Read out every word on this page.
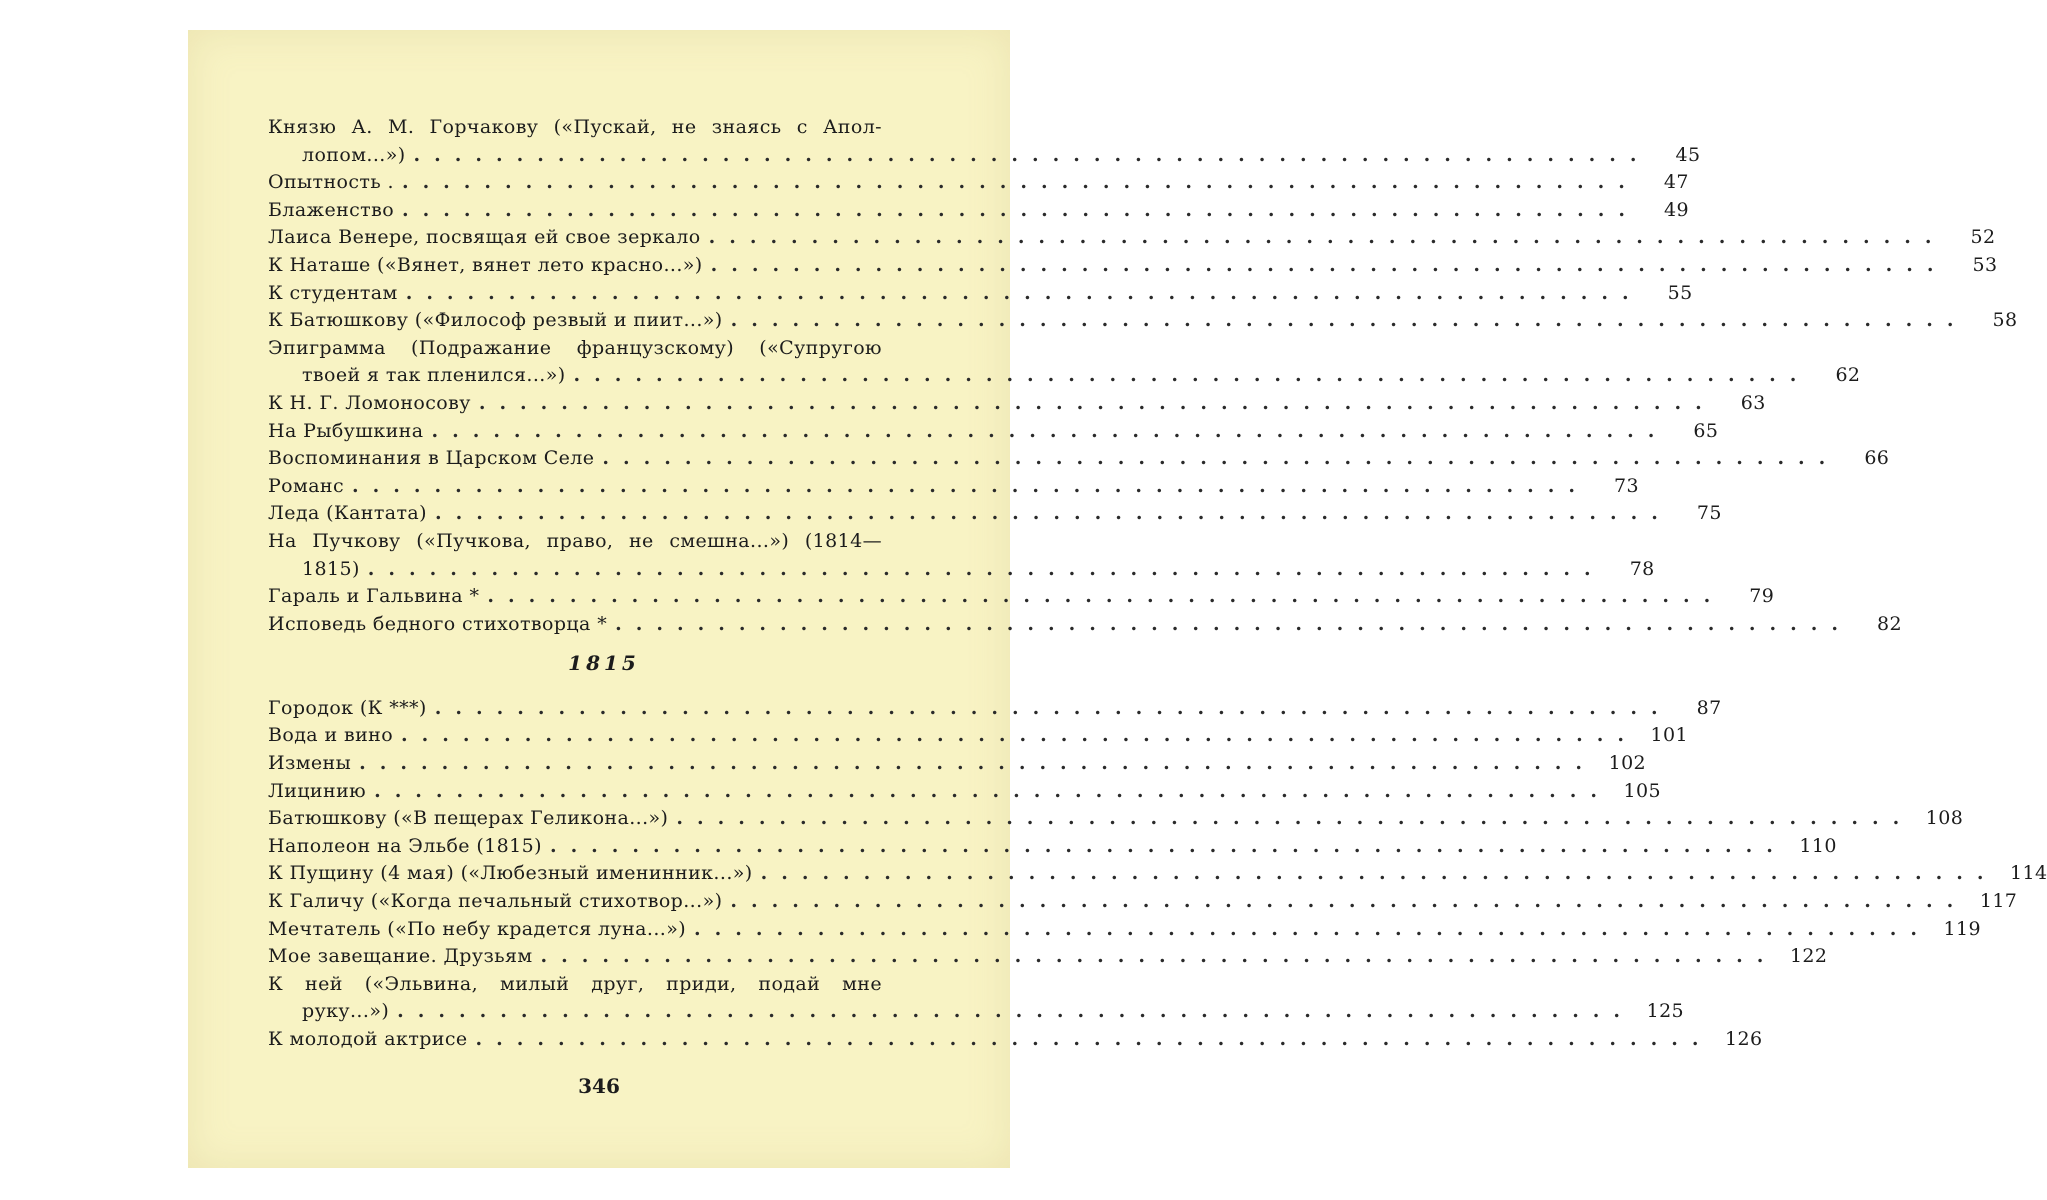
Князю А. М. Горчакову («Пускай, не знаясь с Апол-
лопом...») ............................................................	45
Опытность . ............................................................	47
Блаженство ............................................................	49
Лаиса Венере, посвящая ей свое зеркало ............................................................	52
К Наташе («Вянет, вянет лето красно...») ............................................................	53
К студентам ............................................................	55
К Батюшкову («Философ резвый и пиит...») ............................................................	58
Эпиграмма (Подражание французскому) («Супругою
твоей я так пленился...») ............................................................	62
К Н. Г. Ломоносову ............................................................	63
На Рыбушкина ............................................................	65
Воспоминания в Царском Селе ............................................................	66
Романс ............................................................	73
Леда (Кантата) ............................................................	75
На Пучкову («Пучкова, право, не смешна...») (1814—
1815) ............................................................	78
Гараль и Гальвина * ............................................................	79
Исповедь бедного стихотворца * ............................................................	82
1815
Городок (К ***) ............................................................	87
Вода и вино ............................................................ 101
Измены ............................................................ 102
Лицинию ............................................................ 105
Батюшкову («В пещерах Геликона...») ............................................................ 108
Наполеон на Эльбе (1815) ............................................................ 110
К Пущину (4 мая) («Любезный именинник...») ............................................................ 114
К Галичу («Когда печальный стихотвор...») ............................................................ 117
Мечтатель («По небу крадется луна...») ............................................................ 119
Мое завещание. Друзьям ............................................................ 122
К ней («Эльвина, милый друг, приди, подай мне
руку...») ............................................................ 125
К молодой актрисе ............................................................ 126
346
